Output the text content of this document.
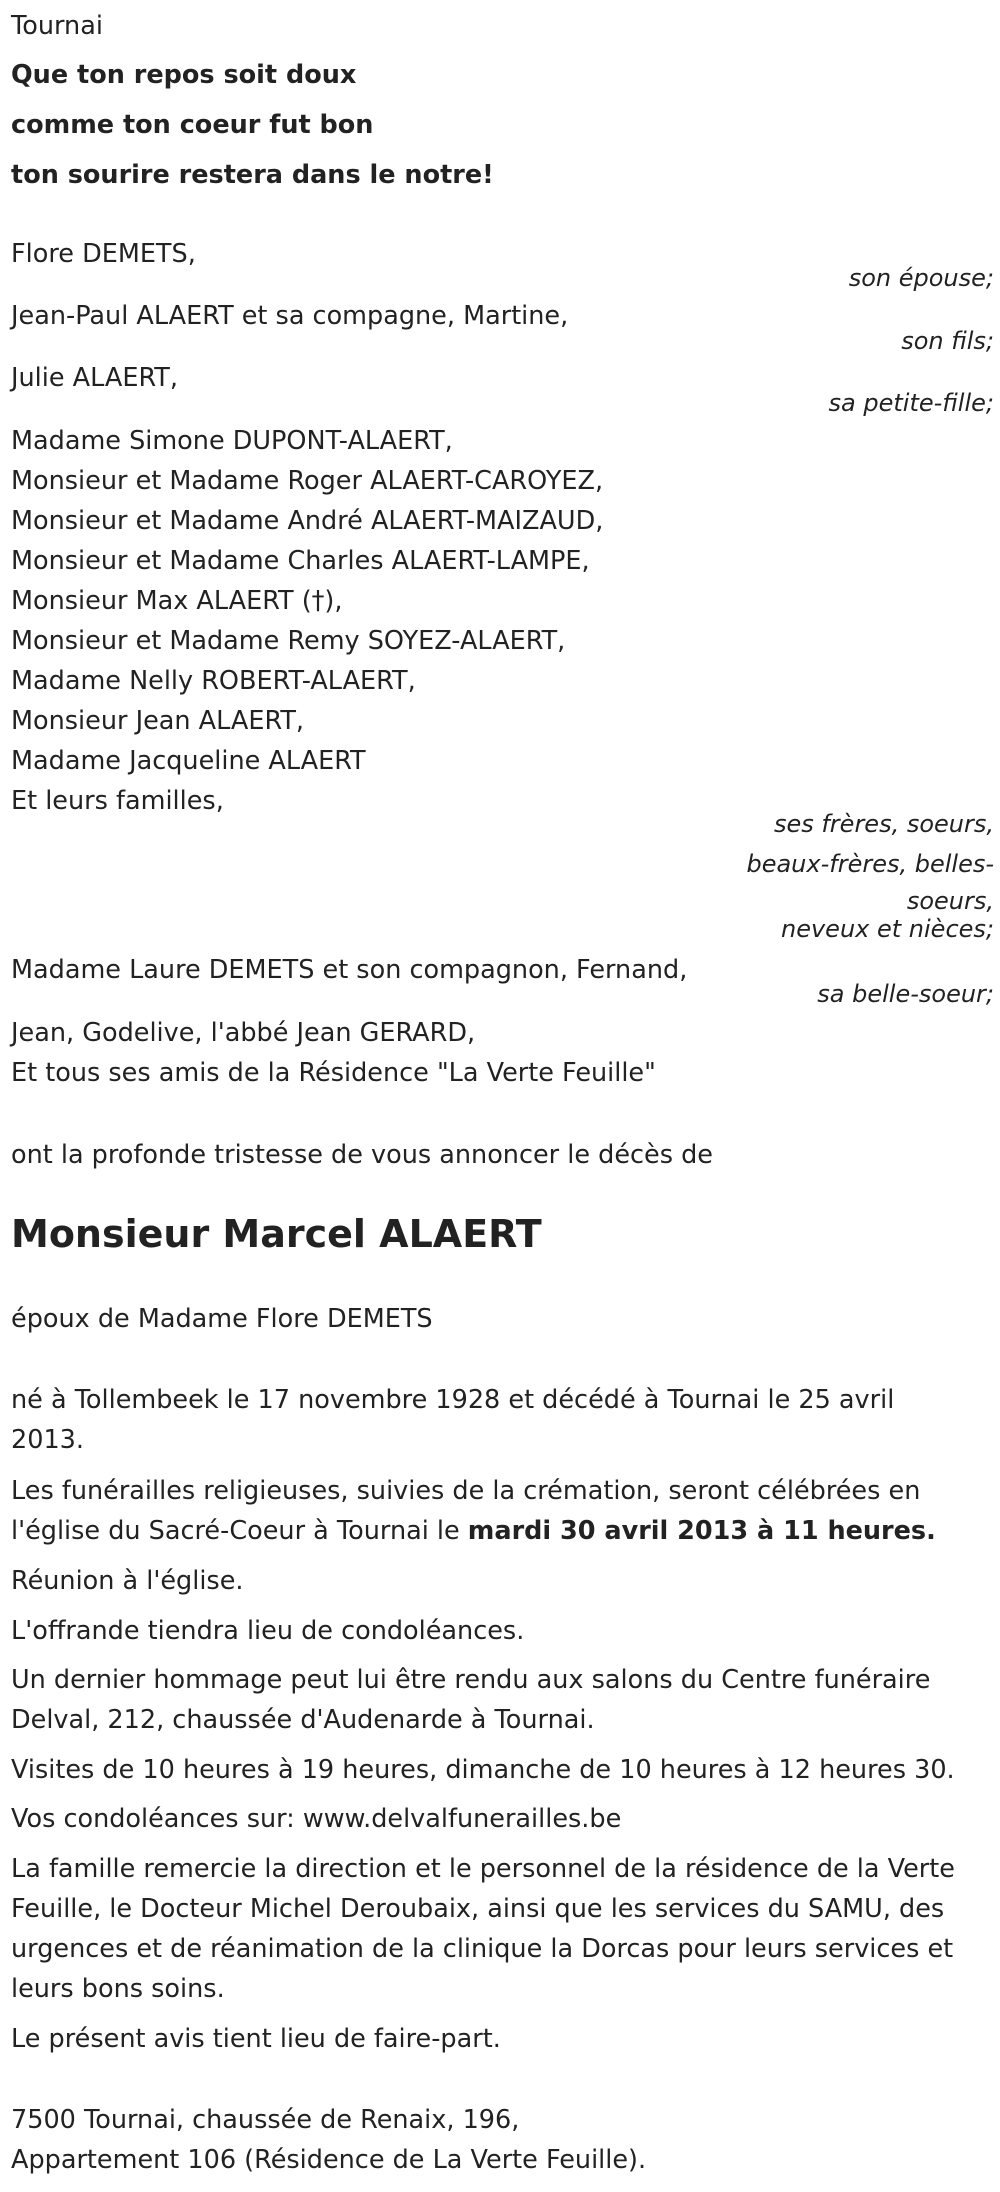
Tournai
Que ton repos soit doux
comme ton coeur fut bon
ton sourire restera dans le notre!
Flore DEMETS,
son épouse;
Jean-Paul ALAERT et sa compagne, Martine,
son fils;
Julie ALAERT,
sa petite-fille;
Madame Simone DUPONT-ALAERT,
Monsieur et Madame Roger ALAERT-CAROYEZ,
Monsieur et Madame André ALAERT-MAIZAUD,
Monsieur et Madame Charles ALAERT-LAMPE,
Monsieur Max ALAERT (†),
Monsieur et Madame Remy SOYEZ-ALAERT,
Madame Nelly ROBERT-ALAERT,
Monsieur Jean ALAERT,
Madame Jacqueline ALAERT
Et leurs familles,
ses frères, soeurs,
beaux-frères, belles-
soeurs,
neveux et nièces;
Madame Laure DEMETS et son compagnon, Fernand,
sa belle-soeur;
Jean, Godelive, l'abbé Jean GERARD,
Et tous ses amis de la Résidence "La Verte Feuille"
ont la profonde tristesse de vous annoncer le décès de
Monsieur Marcel ALAERT
époux de Madame Flore DEMETS
né à Tollembeek le 17 novembre 1928 et décédé à Tournai le 25 avril 2013.
Les funérailles religieuses, suivies de la crémation, seront célébrées en l'église du Sacré-Coeur à Tournai le mardi 30 avril 2013 à 11 heures.
Réunion à l'église.
L'offrande tiendra lieu de condoléances.
Un dernier hommage peut lui être rendu aux salons du Centre funéraire Delval, 212, chaussée d'Audenarde à Tournai.
Visites de 10 heures à 19 heures, dimanche de 10 heures à 12 heures 30.
Vos condoléances sur: www.delvalfunerailles.be
La famille remercie la direction et le personnel de la résidence de la Verte Feuille, le Docteur Michel Deroubaix, ainsi que les services du SAMU, des urgences et de réanimation de la clinique la Dorcas pour leurs services et leurs bons soins.
Le présent avis tient lieu de faire-part.
7500 Tournai, chaussée de Renaix, 196,
Appartement 106 (Résidence de La Verte Feuille).
